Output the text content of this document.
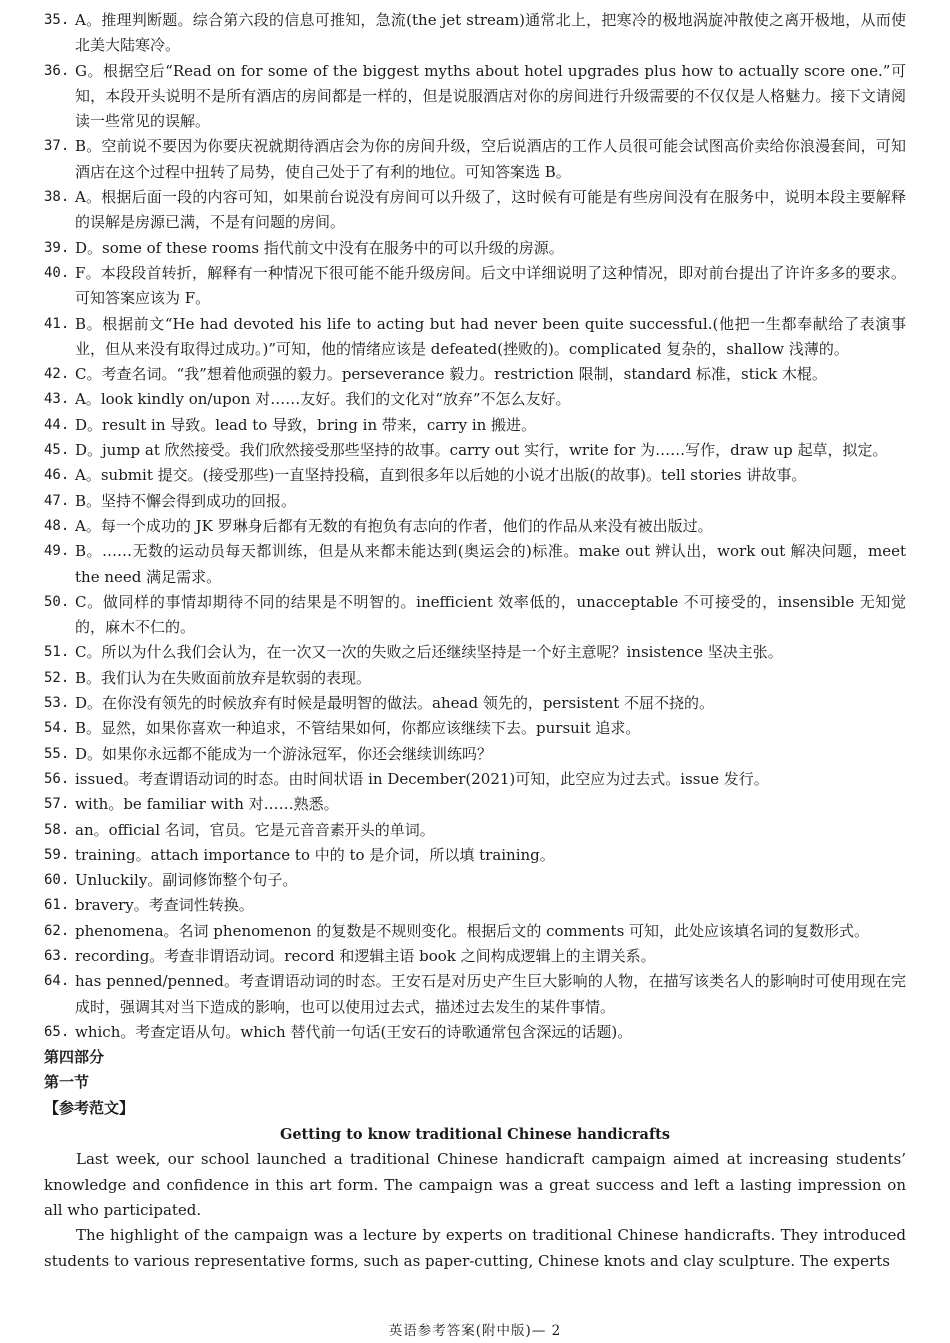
35. A。推理判断题。综合第六段的信息可推知，急流(the jet stream)通常北上，把寒冷的极地涡旋冲散使之离开极地，从而使北美大陆寒冷。
36. G。根据空后“Read on for some of the biggest myths about hotel upgrades plus how to actually score one.”可知，本段开头说明不是所有酒店的房间都是一样的，但是说服酒店对你的房间进行升级需要的不仅仅是人格魅力。接下文请阅读一些常见的误解。
37. B。空前说不要因为你要庆祝就期待酒店会为你的房间升级，空后说酒店的工作人员很可能会试图高价卖给你浪漫套间，可知酒店在这个过程中扭转了局势，使自己处于了有利的地位。可知答案选 B。
38. A。根据后面一段的内容可知，如果前台说没有房间可以升级了，这时候有可能是有些房间没有在服务中，说明本段主要解释的误解是房源已满，不是有问题的房间。
39. D。some of these rooms 指代前文中没有在服务中的可以升级的房源。
40. F。本段段首转折，解释有一种情况下很可能不能升级房间。后文中详细说明了这种情况，即对前台提出了许许多多的要求。可知答案应该为 F。
41. B。根据前文“He had devoted his life to acting but had never been quite successful.(他把一生都奉献给了表演事业，但从来没有取得过成功。)”可知，他的情绪应该是 defeated(挫败的)。complicated 复杂的，shallow 浅薄的。
42. C。考查名词。“我”想着他顽强的毅力。perseverance 毅力。restriction 限制，standard 标准，stick 木棍。
43. A。look kindly on/upon 对……友好。我们的文化对“放弃”不怎么友好。
44. D。result in 导致。lead to 导致，bring in 带来，carry in 搬进。
45. D。jump at 欣然接受。我们欣然接受那些坚持的故事。carry out 实行，write for 为……写作，draw up 起草，拟定。
46. A。submit 提交。(接受那些)一直坚持投稿，直到很多年以后她的小说才出版(的故事)。tell stories 讲故事。
47. B。坚持不懈会得到成功的回报。
48. A。每一个成功的 JK 罗琳身后都有无数的有抱负有志向的作者，他们的作品从来没有被出版过。
49. B。……无数的运动员每天都训练，但是从来都未能达到(奥运会的)标准。make out 辨认出，work out 解决问题，meet the need 满足需求。
50. C。做同样的事情却期待不同的结果是不明智的。inefficient 效率低的，unacceptable 不可接受的，insensible 无知觉的，麻木不仁的。
51. C。所以为什么我们会认为，在一次又一次的失败之后还继续坚持是一个好主意呢？insistence 坚决主张。
52. B。我们认为在失败面前放弃是软弱的表现。
53. D。在你没有领先的时候放弃有时候是最明智的做法。ahead 领先的，persistent 不屈不挠的。
54. B。显然，如果你喜欢一种追求，不管结果如何，你都应该继续下去。pursuit 追求。
55. D。如果你永远都不能成为一个游泳冠军，你还会继续训练吗？
56. issued。考查谓语动词的时态。由时间状语 in December(2021)可知，此空应为过去式。issue 发行。
57. with。be familiar with 对……熟悉。
58. an。official 名词，官员。它是元音音素开头的单词。
59. training。attach importance to 中的 to 是介词，所以填 training。
60. Unluckily。副词修饰整个句子。
61. bravery。考查词性转换。
62. phenomena。名词 phenomenon 的复数是不规则变化。根据后文的 comments 可知，此处应该填名词的复数形式。
63. recording。考查非谓语动词。record 和逻辑主语 book 之间构成逻辑上的主谓关系。
64. has penned/penned。考查谓语动词的时态。王安石是对历史产生巨大影响的人物，在描写该类名人的影响时可使用现在完成时，强调其对当下造成的影响，也可以使用过去式，描述过去发生的某件事情。
65. which。考查定语从句。which 替代前一句话(王安石的诗歌通常包含深远的话题)。
第四部分
第一节
【参考范文】
Getting to know traditional Chinese handicrafts

Last week, our school launched a traditional Chinese handicraft campaign aimed at increasing students’ knowledge and confidence in this art form. The campaign was a great success and left a lasting impression on all who participated.

The highlight of the campaign was a lecture by experts on traditional Chinese handicrafts. They introduced students to various representative forms, such as paper-cutting, Chinese knots and clay sculpture. The experts

英语参考答案(附中版)— 2
